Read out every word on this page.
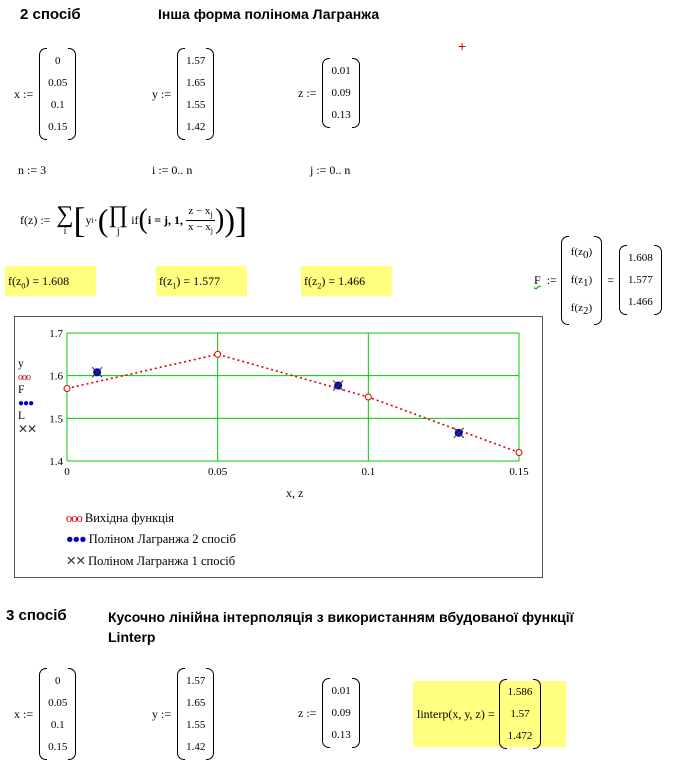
2 спосіб	Інша форма полінома Лагранжа
+
x :=
0
0.05
0.1
0.15
y :=
1.57
1.65
1.55
1.42
z :=
0.01
0.09
0.13
n := 3	i := 0.. n	j := 0.. n
f(z) := ∑
i [ y i · ( ∏
j
if ( i = j, 1,
$z - x_j$
$x - x_j$ ) ) ]
$f(z_0) = 1.608$	$f(z_1) = 1.577$	$f(z_2) = 1.466$	F :=
f(z0)
f(z1)
f(z2)
=
1.608
1.577
1.466
0	0.05	0.1	0.15
1.4
1.5
1.6
1.7
y
ооо
F
●●●
L
✕✕
x, z
ооо Вихідна функція
●●● Поліном Лагранжа 2 спосіб
✕✕ Поліном Лагранжа 1 спосіб
3 спосіб	Кусочно лінійна інтерполяція з використанням вбудованої функції
Linterp
x :=
0
0.05
0.1
0.15
y :=
1.57
1.65
1.55
1.42
z :=
0.01
0.09
0.13
linterp(x, y, z) =
1.586
1.57
1.472
